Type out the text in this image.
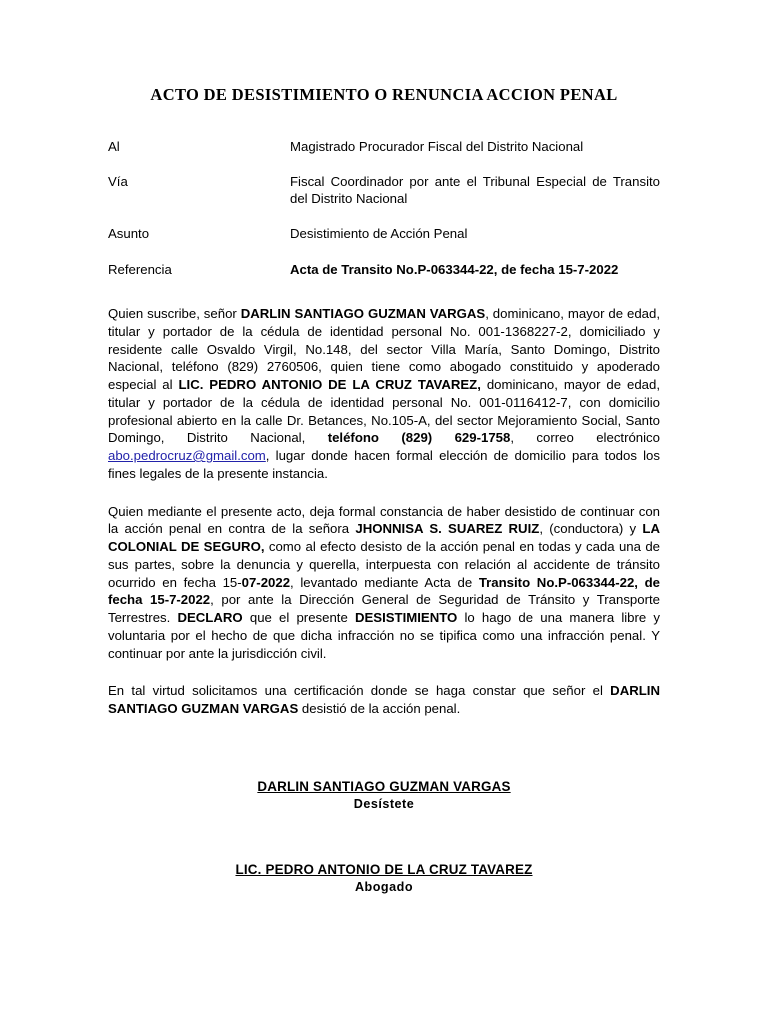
ACTO DE DESISTIMIENTO O RENUNCIA ACCION PENAL
Al	Magistrado Procurador Fiscal del Distrito Nacional
Vía	Fiscal Coordinador por ante el Tribunal Especial de Transito del Distrito Nacional
Asunto	Desistimiento de Acción Penal
Referencia	Acta de Transito No.P-063344-22, de fecha 15-7-2022

Quien suscribe, señor DARLIN SANTIAGO GUZMAN VARGAS, dominicano, mayor de edad, titular y portador de la cédula de identidad personal No. 001-1368227-2, domiciliado y residente calle Osvaldo Virgil, No.148, del sector Villa María, Santo Domingo, Distrito Nacional, teléfono (829) 2760506, quien tiene como abogado constituido y apoderado especial al LIC. PEDRO ANTONIO DE LA CRUZ TAVAREZ, dominicano, mayor de edad, titular y portador de la cédula de identidad personal No. 001-0116412-7, con domicilio profesional abierto en la calle Dr. Betances, No.105-A, del sector Mejoramiento Social, Santo Domingo, Distrito Nacional, teléfono (829) 629-1758, correo electrónico abo.pedrocruz@gmail.com, lugar donde hacen formal elección de domicilio para todos los fines legales de la presente instancia.

Quien mediante el presente acto, deja formal constancia de haber desistido de continuar con la acción penal en contra de la señora JHONNISA S. SUAREZ RUIZ, (conductora) y LA COLONIAL DE SEGURO, como al efecto desisto de la acción penal en todas y cada una de sus partes, sobre la denuncia y querella, interpuesta con relación al accidente de tránsito ocurrido en fecha 15-07-2022, levantado mediante Acta de Transito No.P-063344-22, de fecha 15-7-2022, por ante la Dirección General de Seguridad de Tránsito y Transporte Terrestres. DECLARO que el presente DESISTIMIENTO lo hago de una manera libre y voluntaria por el hecho de que dicha infracción no se tipifica como una infracción penal. Y continuar por ante la jurisdicción civil.

En tal virtud solicitamos una certificación donde se haga constar que señor el DARLIN SANTIAGO GUZMAN VARGAS desistió de la acción penal.

DARLIN SANTIAGO GUZMAN VARGAS
Desístete
LIC. PEDRO ANTONIO DE LA CRUZ TAVAREZ
Abogado
